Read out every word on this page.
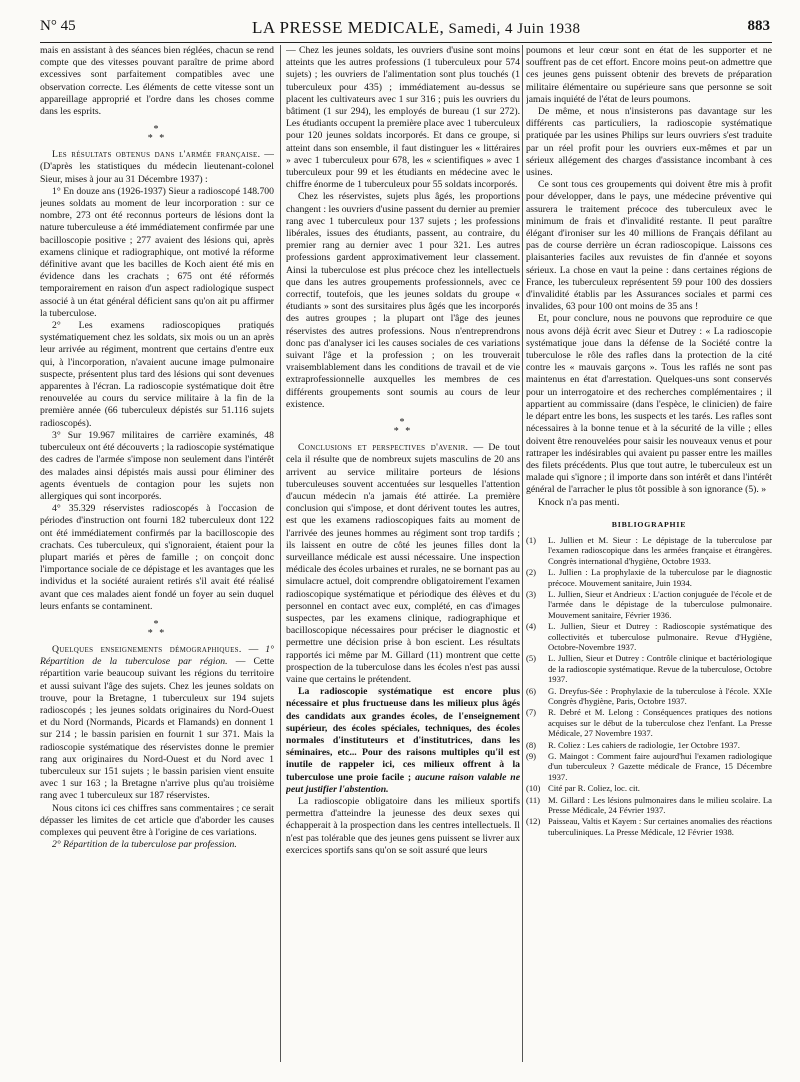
N° 45	LA PRESSE MEDICALE, Samedi, 4 Juin 1938	883

mais en assistant à des séances bien réglées, chacun se rend compte que des vitesses pouvant paraître de prime abord excessives sont parfaitement compatibles avec une observation correcte. Les éléments de cette vitesse sont un appareillage approprié et l'ordre dans les choses comme dans les esprits.

*
* *

Les résultats obtenus dans l'armée française. — (D'après les statistiques du médecin lieutenant-colonel Sieur, mises à jour au 31 Décembre 1937) :

1° En douze ans (1926-1937) Sieur a radioscopé 148.700 jeunes soldats au moment de leur incorporation : sur ce nombre, 273 ont été reconnus porteurs de lésions dont la nature tuberculeuse a été immédiatement confirmée par une bacilloscopie positive ; 277 avaient des lésions qui, après examens clinique et radiographique, ont motivé la réforme définitive avant que les bacilles de Koch aient été mis en évidence dans les crachats ; 675 ont été réformés temporairement en raison d'un aspect radiologique suspect associé à un état général déficient sans qu'on ait pu affirmer la tuberculose.

2° Les examens radioscopiques pratiqués systématiquement chez les soldats, six mois ou un an après leur arrivée au régiment, montrent que certains d'entre eux qui, à l'incorporation, n'avaient aucune image pulmonaire suspecte, présentent plus tard des lésions qui sont devenues apparentes à l'écran. La radioscopie systématique doit être renouvelée au cours du service militaire à la fin de la première année (66 tuberculeux dépistés sur 51.116 sujets radioscopés).

3° Sur 19.967 militaires de carrière examinés, 48 tuberculeux ont été découverts ; la radioscopie systématique des cadres de l'armée s'impose non seulement dans l'intérêt des malades ainsi dépistés mais aussi pour éliminer des agents éventuels de contagion pour les sujets non allergiques qui sont incorporés.

4° 35.329 réservistes radioscopés à l'occasion de périodes d'instruction ont fourni 182 tuberculeux dont 122 ont été immédiatement confirmés par la bacilloscopie des crachats. Ces tuberculeux, qui s'ignoraient, étaient pour la plupart mariés et pères de famille ; on conçoit donc l'importance sociale de ce dépistage et les avantages que les individus et la société auraient retirés s'il avait été réalisé avant que ces malades aient fondé un foyer au sein duquel leurs enfants se contaminent.

*
* *

Quelques enseignements démographiques. — 1° Répartition de la tuberculose par région. — Cette répartition varie beaucoup suivant les régions du territoire et aussi suivant l'âge des sujets. Chez les jeunes soldats on trouve, pour la Bretagne, 1 tuberculeux sur 194 sujets radioscopés ; les jeunes soldats originaires du Nord-Ouest et du Nord (Normands, Picards et Flamands) en donnent 1 sur 214 ; le bassin parisien en fournit 1 sur 371. Mais la radioscopie systématique des réservistes donne le premier rang aux originaires du Nord-Ouest et du Nord avec 1 tuberculeux sur 151 sujets ; le bassin parisien vient ensuite avec 1 sur 163 ; la Bretagne n'arrive plus qu'au troisième rang avec 1 tuberculeux sur 187 réservistes.

Nous citons ici ces chiffres sans commentaires ; ce serait dépasser les limites de cet article que d'aborder les causes complexes qui peuvent être à l'origine de ces variations.

2° Répartition de la tuberculose par profession.

— Chez les jeunes soldats, les ouvriers d'usine sont moins atteints que les autres professions (1 tuberculeux pour 574 sujets) ; les ouvriers de l'alimentation sont plus touchés (1 tuberculeux pour 435) ; immédiatement au-dessus se placent les cultivateurs avec 1 sur 316 ; puis les ouvriers du bâtiment (1 sur 294), les employés de bureau (1 sur 272). Les étudiants occupent la première place avec 1 tuberculeux pour 120 jeunes soldats incorporés. Et dans ce groupe, si atteint dans son ensemble, il faut distinguer les « littéraires » avec 1 tuberculeux pour 678, les « scientifiques » avec 1 tuberculeux pour 99 et les étudiants en médecine avec le chiffre énorme de 1 tuberculeux pour 55 soldats incorporés.

Chez les réservistes, sujets plus âgés, les proportions changent : les ouvriers d'usine passent du dernier au premier rang avec 1 tuberculeux pour 137 sujets ; les professions libérales, issues des étudiants, passent, au contraire, du premier rang au dernier avec 1 pour 321. Les autres professions gardent approximativement leur classement. Ainsi la tuberculose est plus précoce chez les intellectuels que dans les autres groupements professionnels, avec ce correctif, toutefois, que les jeunes soldats du groupe « étudiants » sont des sursitaires plus âgés que les incorporés des autres groupes ; la plupart ont l'âge des jeunes réservistes des autres professions. Nous n'entreprendrons donc pas d'analyser ici les causes sociales de ces variations suivant l'âge et la profession ; on les trouverait vraisemblablement dans les conditions de travail et de vie extraprofessionnelle auxquelles les membres de ces différents groupements sont soumis au cours de leur existence.

*
* *

Conclusions et perspectives d'avenir. — De tout cela il résulte que de nombreux sujets masculins de 20 ans arrivent au service militaire porteurs de lésions tuberculeuses souvent accentuées sur lesquelles l'attention d'aucun médecin n'a jamais été attirée. La première conclusion qui s'impose, et dont dérivent toutes les autres, est que les examens radioscopiques faits au moment de l'arrivée des jeunes hommes au régiment sont trop tardifs ; ils laissent en outre de côté les jeunes filles dont la surveillance médicale est aussi nécessaire. Une inspection médicale des écoles urbaines et rurales, ne se bornant pas au simulacre actuel, doit comprendre obligatoirement l'examen radioscopique systématique et périodique des élèves et du personnel en contact avec eux, complété, en cas d'images suspectes, par les examens clinique, radiographique et bacilloscopique nécessaires pour préciser le diagnostic et permettre une décision prise à bon escient. Les résultats rapportés ici même par M. Gillard (11) montrent que cette prospection de la tuberculose dans les écoles n'est pas aussi vaine que certains le prétendent.

La radioscopie systématique est encore plus nécessaire et plus fructueuse dans les milieux plus âgés des candidats aux grandes écoles, de l'enseignement supérieur, des écoles spéciales, techniques, des écoles normales d'instituteurs et d'institutrices, dans les séminaires, etc... Pour des raisons multiples qu'il est inutile de rappeler ici, ces milieux offrent à la tuberculose une proie facile ; aucune raison valable ne peut justifier l'abstention.

La radioscopie obligatoire dans les milieux sportifs permettra d'atteindre la jeunesse des deux sexes qui échapperait à la prospection dans les centres intellectuels. Il n'est pas tolérable que des jeunes gens puissent se livrer aux exercices sportifs sans qu'on se soit assuré que leurs

poumons et leur cœur sont en état de les supporter et ne souffrent pas de cet effort. Encore moins peut-on admettre que ces jeunes gens puissent obtenir des brevets de préparation militaire élémentaire ou supérieure sans que personne se soit jamais inquiété de l'état de leurs poumons.

De même, et nous n'insisterons pas davantage sur les différents cas particuliers, la radioscopie systématique pratiquée par les usines Philips sur leurs ouvriers s'est traduite par un réel profit pour les ouvriers eux-mêmes et par un sérieux allégement des charges d'assistance incombant à ces usines.

Ce sont tous ces groupements qui doivent être mis à profit pour développer, dans le pays, une médecine préventive qui assurera le traitement précoce des tuberculeux avec le minimum de frais et d'invalidité restante. Il peut paraître élégant d'ironiser sur les 40 millions de Français défilant au pas de course derrière un écran radioscopique. Laissons ces plaisanteries faciles aux revuistes de fin d'année et soyons sérieux. La chose en vaut la peine : dans certaines régions de France, les tuberculeux représentent 59 pour 100 des dossiers d'invalidité établis par les Assurances sociales et parmi ces invalides, 63 pour 100 ont moins de 35 ans !

Et, pour conclure, nous ne pouvons que reproduire ce que nous avons déjà écrit avec Sieur et Dutrey : « La radioscopie systématique joue dans la défense de la Société contre la tuberculose le rôle des rafles dans la protection de la cité contre les « mauvais garçons ». Tous les raflés ne sont pas maintenus en état d'arrestation. Quelques-uns sont conservés pour un interrogatoire et des recherches complémentaires ; il appartient au commissaire (dans l'espèce, le clinicien) de faire le départ entre les bons, les suspects et les tarés. Les rafles sont nécessaires à la bonne tenue et à la sécurité de la ville ; elles doivent être renouvelées pour saisir les nouveaux venus et pour rattraper les indésirables qui avaient pu passer entre les mailles des filets précédents. Plus que tout autre, le tuberculeux est un malade qui s'ignore ; il importe dans son intérêt et dans l'intérêt général de l'arracher le plus tôt possible à son ignorance (5). »

Knock n'a pas menti.

BIBLIOGRAPHIE
(1) L. Jullien et M. Sieur : Le dépistage de la tuberculose par l'examen radioscopique dans les armées française et étrangères. Congrès international d'hygiène, Octobre 1933.
(2) L. Jullien : La prophylaxie de la tuberculose par le diagnostic précoce. Mouvement sanitaire, Juin 1934.
(3) L. Jullien, Sieur et Andrieux : L'action conjuguée de l'école et de l'armée dans le dépistage de la tuberculose pulmonaire. Mouvement sanitaire, Février 1936.
(4) L. Jullien, Sieur et Dutrey : Radioscopie systématique des collectivités et tuberculose pulmonaire. Revue d'Hygiène, Octobre-Novembre 1937.
(5) L. Jullien, Sieur et Dutrey : Contrôle clinique et bactériologique de la radioscopie systématique. Revue de la tuberculose, Octobre 1937.
(6) G. Dreyfus-Sée : Prophylaxie de la tuberculose à l'école. XXIe Congrès d'hygiène, Paris, Octobre 1937.
(7) R. Debré et M. Lelong : Conséquences pratiques des notions acquises sur le début de la tuberculose chez l'enfant. La Presse Médicale, 27 Novembre 1937.
(8) R. Coliez : Les cahiers de radiologie, 1er Octobre 1937.
(9) G. Maingot : Comment faire aujourd'hui l'examen radiologique d'un tuberculeux ? Gazette médicale de France, 15 Décembre 1937.
(10) Cité par R. Coliez, loc. cit.
(11) M. Gillard : Les lésions pulmonaires dans le milieu scolaire. La Presse Médicale, 24 Février 1937.
(12) Paisseau, Valtis et Kayem : Sur certaines anomalies des réactions tuberculiniques. La Presse Médicale, 12 Février 1938.
